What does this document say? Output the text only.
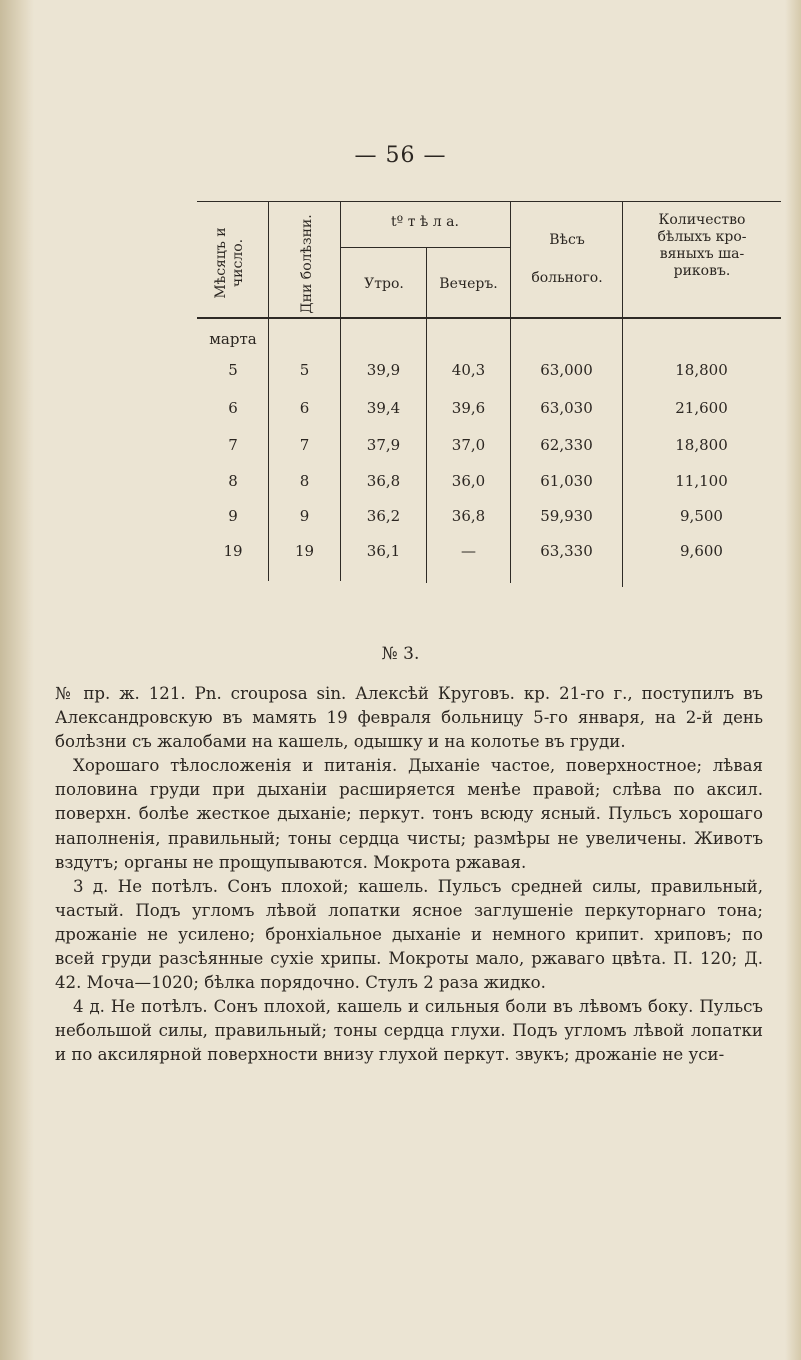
— 56 —
Мѣсяцъ и число.	Дни болѣзни.	tº т ѣ л а.
Утро.	Вечеръ.
Вѣсъ
больного.
Количество
бѣлыхъ кро-
вяныхъ ша-
риковъ.
марта
5	5	39,9	40,3	63,000	18,800
6	6	39,4	39,6	63,030	21,600
7	7	37,9	37,0	62,330	18,800
8	8	36,8	36,0	61,030	11,100
9	9	36,2	36,8	59,930	9,500
19	19	36,1	—	63,330	9,600
№ 3.

№ пр. ж. 121. Pn. crouposa sin. Алексѣй Круговъ. кр. 21-го г., поступилъ въ Александровскую въ мамять 19 февраля больницу 5-го января, на 2-й день болѣзни съ жалобами на кашель, одышку и на колотье въ груди.

Хорошаго тѣлосложенія и питанія. Дыханіе частое, поверхностное; лѣвая половина груди при дыханіи расширяется менѣе правой; слѣва по аксил. поверхн. болѣе жесткое дыханіе; перкут. тонъ всюду ясный. Пульсъ хорошаго наполненія, правильный; тоны сердца чисты; размѣры не увеличены. Животъ вздутъ; органы не прощупываются. Мокрота ржавая.

3 д. Не потѣлъ. Сонъ плохой; кашель. Пульсъ средней силы, правильный, частый. Подъ угломъ лѣвой лопатки ясное заглушеніе перкуторнаго тона; дрожаніе не усилено; бронхіальное дыханіе и немного крипит. хриповъ; по всей груди разсѣянные сухіе хрипы. Мокроты мало, ржаваго цвѣта. П. 120; Д. 42. Моча—1020; бѣлка порядочно. Стулъ 2 раза жидко.

4 д. Не потѣлъ. Сонъ плохой, кашель и сильныя боли въ лѣвомъ боку. Пульсъ небольшой силы, правильный; тоны сердца глухи. Подъ угломъ лѣвой лопатки и по аксилярной поверхности внизу глухой перкут. звукъ; дрожаніе не уси-
